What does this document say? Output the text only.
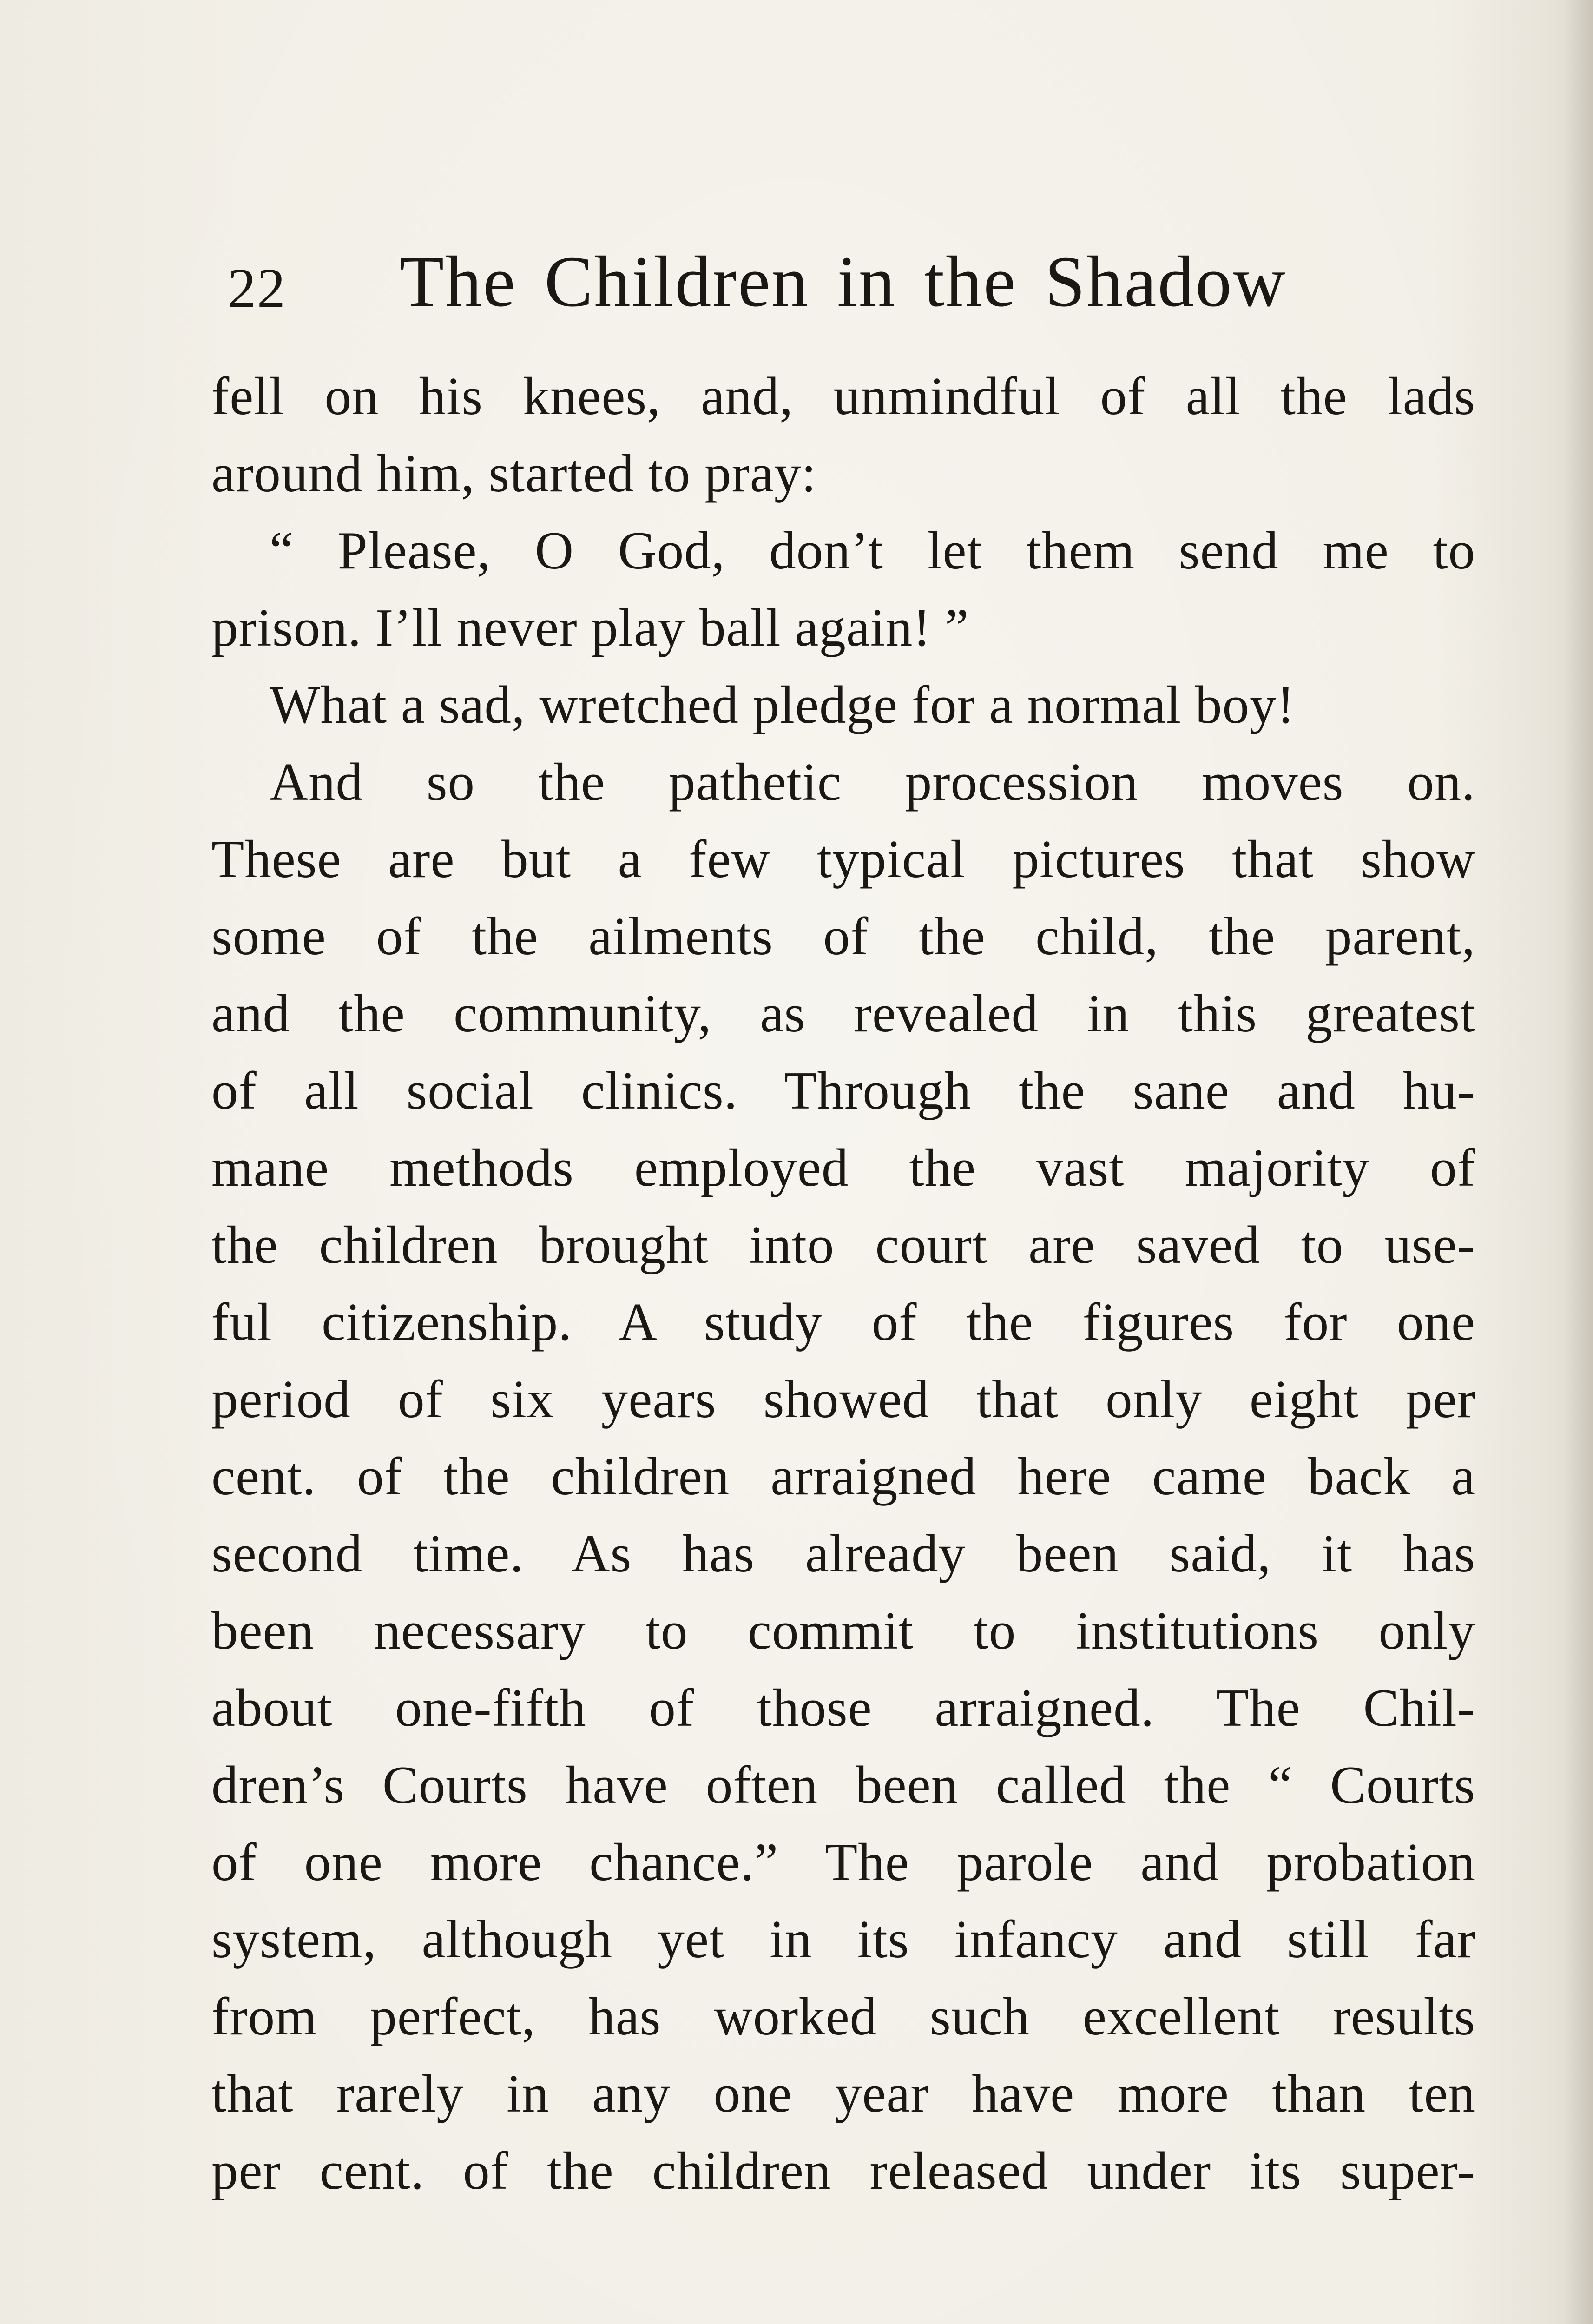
22 The Children in the Shadow
fell on his knees, and, unmindful of all the lads
around him, started to pray:
“ Please, O God, don’t let them send me to
prison. I’ll never play ball again! ”
What a sad, wretched pledge for a normal boy!
And so the pathetic procession moves on.
These are but a few typical pictures that show
some of the ailments of the child, the parent,
and the community, as revealed in this greatest
of all social clinics. Through the sane and hu-
mane methods employed the vast majority of
the children brought into court are saved to use-
ful citizenship. A study of the figures for one
period of six years showed that only eight per
cent. of the children arraigned here came back a
second time. As has already been said, it has
been necessary to commit to institutions only
about one-fifth of those arraigned. The Chil-
dren’s Courts have often been called the “ Courts
of one more chance.” The parole and probation
system, although yet in its infancy and still far
from perfect, has worked such excellent results
that rarely in any one year have more than ten
per cent. of the children released under its super-
